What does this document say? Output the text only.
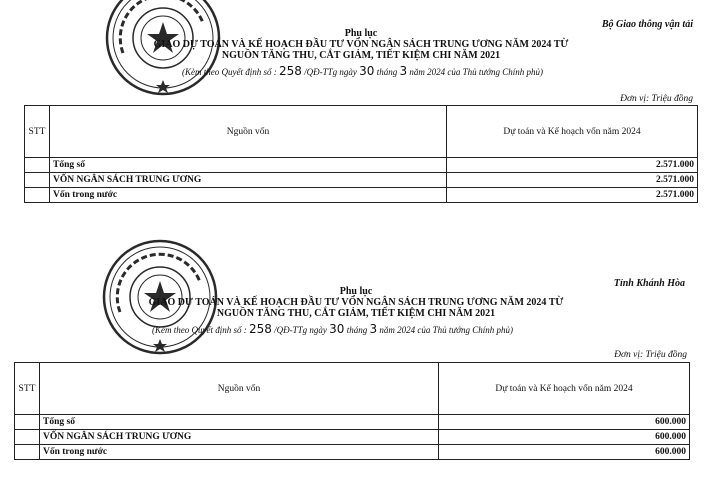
Bộ Giao thông vận tải
Phụ lục
GIAO DỰ TOÁN VÀ KẾ HOẠCH ĐẦU TƯ VỐN NGÂN SÁCH TRUNG ƯƠNG NĂM 2024 TỪ
NGUỒN TĂNG THU, CẮT GIẢM, TIẾT KIỆM CHI NĂM 2021
(Kèm theo Quyết định số : 258 /QĐ-TTg ngày 30 tháng 3 năm 2024 của Thủ tướng Chính phủ)
Đơn vị: Triệu đồng
STT	Nguồn vốn	Dự toán và Kế hoạch vốn năm 2024
	Tổng số	2.571.000
	VỐN NGÂN SÁCH TRUNG ƯƠNG	2.571.000
	Vốn trong nước	2.571.000
Tỉnh Khánh Hòa
Phụ lục
GIAO DỰ TOÁN VÀ KẾ HOẠCH ĐẦU TƯ VỐN NGÂN SÁCH TRUNG ƯƠNG NĂM 2024 TỪ
NGUỒN TĂNG THU, CẮT GIẢM, TIẾT KIỆM CHI NĂM 2021
(Kèm theo Quyết định số : 258 /QĐ-TTg ngày 30 tháng 3 năm 2024 của Thủ tướng Chính phủ)
Đơn vị: Triệu đồng
STT	Nguồn vốn	Dự toán và Kế hoạch vốn năm 2024
	Tổng số	600.000
	VỐN NGÂN SÁCH TRUNG ƯƠNG	600.000
	Vốn trong nước	600.000
